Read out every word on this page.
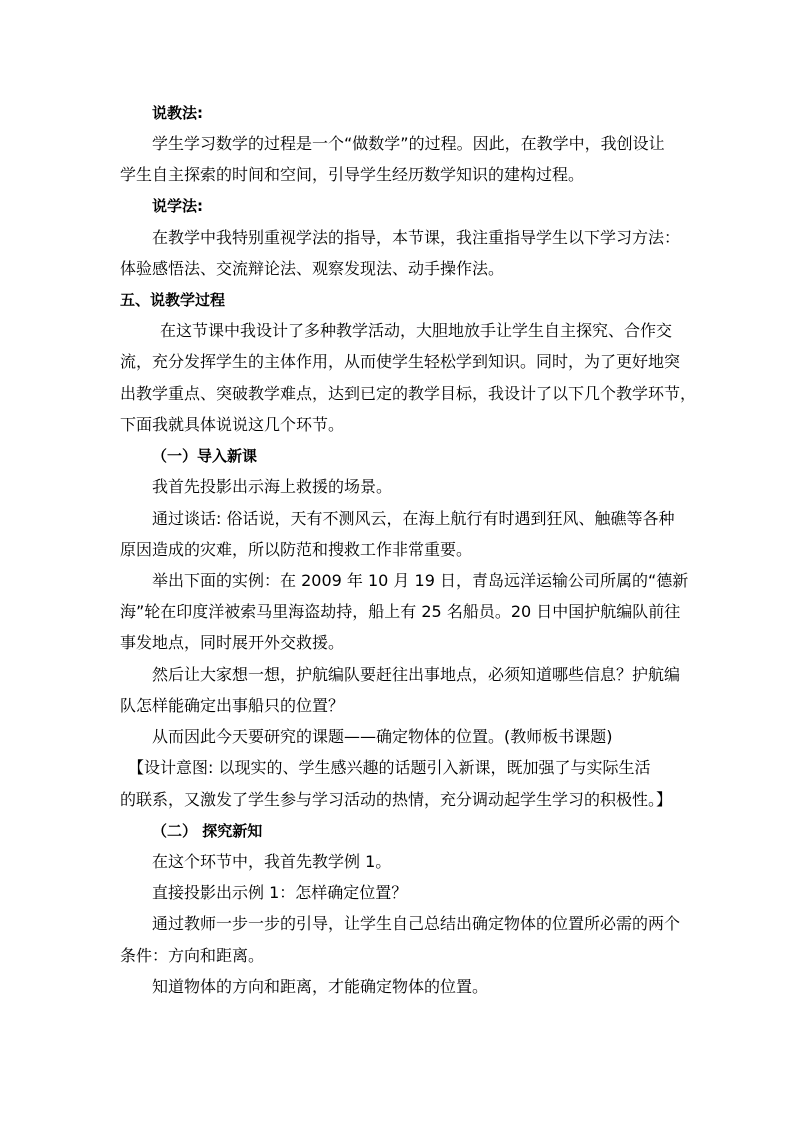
说教法:
学生学习数学的过程是一个“做数学”的过程。因此，在教学中，我创设让
学生自主探索的时间和空间，引导学生经历数学知识的建构过程。
说学法:
在教学中我特别重视学法的指导，本节课，我注重指导学生以下学习方法：
体验感悟法、交流辩论法、观察发现法、动手操作法。
五、说教学过程
在这节课中我设计了多种教学活动，大胆地放手让学生自主探究、合作交
流，充分发挥学生的主体作用，从而使学生轻松学到知识。同时，为了更好地突
出教学重点、突破教学难点，达到已定的教学目标，我设计了以下几个教学环节，
下面我就具体说说这几个环节。
（一）导入新课
我首先投影出示海上救援的场景。
通过谈话: 俗话说，天有不测风云，在海上航行有时遇到狂风、触礁等各种
原因造成的灾难，所以防范和搜救工作非常重要。
举出下面的实例：在 2009 年 10 月 19 日，青岛远洋运输公司所属的“德新
海”轮在印度洋被索马里海盗劫持，船上有 25 名船员。20 日中国护航编队前往
事发地点，同时展开外交救援。
然后让大家想一想，护航编队要赶往出事地点，必须知道哪些信息？护航编
队怎样能确定出事船只的位置？
从而因此今天要研究的课题——确定物体的位置。(教师板书课题)
【设计意图: 以现实的、学生感兴趣的话题引入新课，既加强了与实际生活
的联系，又激发了学生参与学习活动的热情，充分调动起学生学习的积极性。】
（二） 探究新知
在这个环节中，我首先教学例 1。
直接投影出示例 1：怎样确定位置？
通过教师一步一步的引导，让学生自己总结出确定物体的位置所必需的两个
条件：方向和距离。
知道物体的方向和距离，才能确定物体的位置。
